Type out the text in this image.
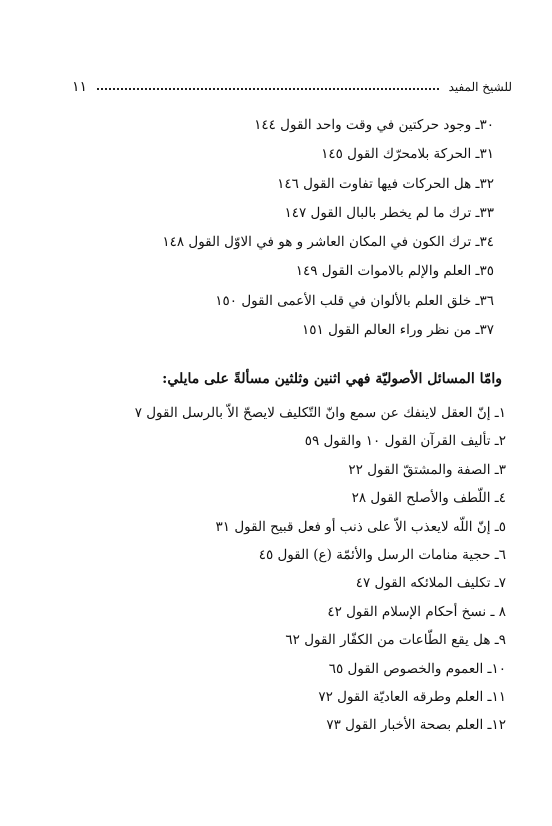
للشيخ المفيد
١١
٣٠ـ وجود حركتين في وقت واحد القول ١٤٤
٣١ـ الحركة بلامحرّك القول ١٤٥
٣٢ـ هل الحركات فيها تفاوت القول ١٤٦
٣٣ـ ترك ما لم يخطر بالبال القول ١٤٧
٣٤ـ ترك الكون في المكان العاشر و هو في الاوّل القول ١٤٨
٣٥ـ العلم والإلم بالاموات القول ١٤٩
٣٦ـ خلق العلم بالألوان في قلب الأعمى القول ١٥٠
٣٧ـ من نظر وراء العالم القول ١٥١
وامّا المسائل الأصوليّة فهي اثنين وثلثين مسألةً على مايلي:
١ـ إنّ العقل لاينفك عن سمع وانّ التّكليف لايصحّ الاّ بالرسل القول ٧
٢ـ تأليف القرآن القول ١٠ والقول ٥٩
٣ـ الصفة والمشتقّ القول ٢٢
٤ـ اللّطف والأصلح القول ٢٨
٥ـ إنّ اللّه لايعذب الاّ على ذنب أو فعل قبيح القول ٣١
٦ـ حجية منامات الرسل والأئمّة (ع) القول ٤٥
٧ـ تكليف الملائكه القول ٤٧
٨ ـ نسخ أحكام الإسلام القول ٤٢
٩ـ هل يقع الطّاعات من الكفّار القول ٦٢
١٠ـ العموم والخصوص القول ٦٥
١١ـ العلم وطرقه العاديّة القول ٧٢
١٢ـ العلم بصحة الأخبار القول ٧٣
